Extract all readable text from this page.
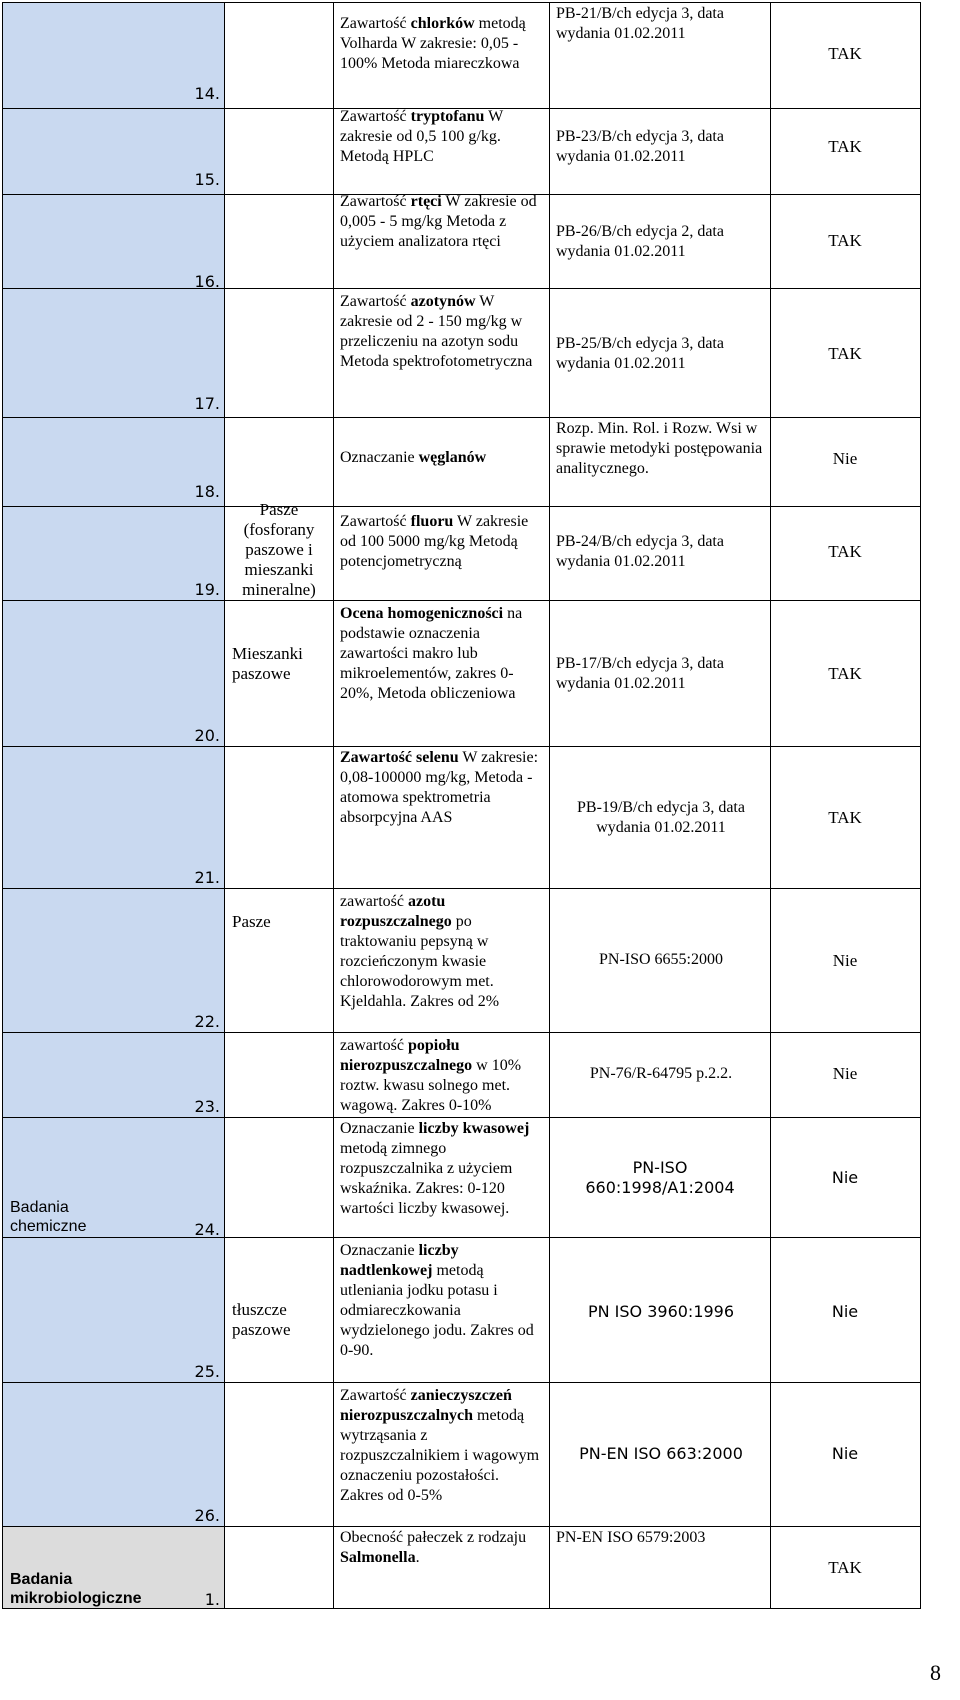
14.
15.
16.
17.
18.
19.
20.
21.
22.
23.
24.
25.
26.
1.
Badania chemiczne
Badania mikrobiologiczne
Pasze (fosforany paszowe i mieszanki mineralne)
Mieszanki paszowe
Pasze
tłuszcze paszowe
Zawartość chlorków metodą Volharda W zakresie: 0,05 - 100% Metoda miareczkowa
Zawartość tryptofanu W zakresie od 0,5 100 g/kg. Metodą HPLC
Zawartość rtęci W zakresie od 0,005 - 5 mg/kg Metoda z użyciem analizatora rtęci
Zawartość azotynów W zakresie od 2 - 150 mg/kg w przeliczeniu na azotyn sodu Metoda spektrofotometryczna
Oznaczanie węglanów
Zawartość fluoru W zakresie od 100 5000 mg/kg Metodą potencjometryczną
Ocena homogeniczności na podstawie oznaczenia zawartości makro lub mikroelementów, zakres 0-20%, Metoda obliczeniowa
Zawartość selenu W zakresie: 0,08-100000 mg/kg, Metoda - atomowa spektrometria absorpcyjna AAS
zawartość azotu rozpuszczalnego po traktowaniu pepsyną w rozcieńczonym kwasie chlorowodorowym met. Kjeldahla. Zakres od 2%
zawartość popiołu nierozpuszczalnego w 10% roztw. kwasu solnego met. wagową. Zakres 0-10%
Oznaczanie liczby kwasowej metodą zimnego rozpuszczalnika z użyciem wskaźnika. Zakres: 0-120 wartości liczby kwasowej.
Oznaczanie liczby nadtlenkowej metodą utleniania jodku potasu i odmiareczkowania wydzielonego jodu. Zakres od 0-90.
Zawartość zanieczyszczeń nierozpuszczalnych metodą wytrząsania z rozpuszczalnikiem i wagowym oznaczeniu pozostałości. Zakres od 0-5%
Obecność pałeczek z rodzaju Salmonella.
PB-21/B/ch edycja 3, data wydania 01.02.2011
PB-23/B/ch edycja 3, data wydania 01.02.2011
PB-26/B/ch edycja 2, data wydania 01.02.2011
PB-25/B/ch edycja 3, data wydania 01.02.2011
Rozp. Min. Rol. i Rozw. Wsi w sprawie metodyki postępowania analitycznego.
PB-24/B/ch edycja 3, data wydania 01.02.2011
PB-17/B/ch edycja 3, data wydania 01.02.2011
PB-19/B/ch edycja 3, data wydania 01.02.2011
PN-ISO 6655:2000
PN-76/R-64795 p.2.2.
PN-ISO 660:1998/A1:2004
PN ISO 3960:1996
PN-EN ISO 663:2000
PN-EN ISO 6579:2003
TAK
TAK
TAK
TAK
Nie
TAK
TAK
TAK
Nie
Nie
Nie
Nie
Nie
TAK
8
